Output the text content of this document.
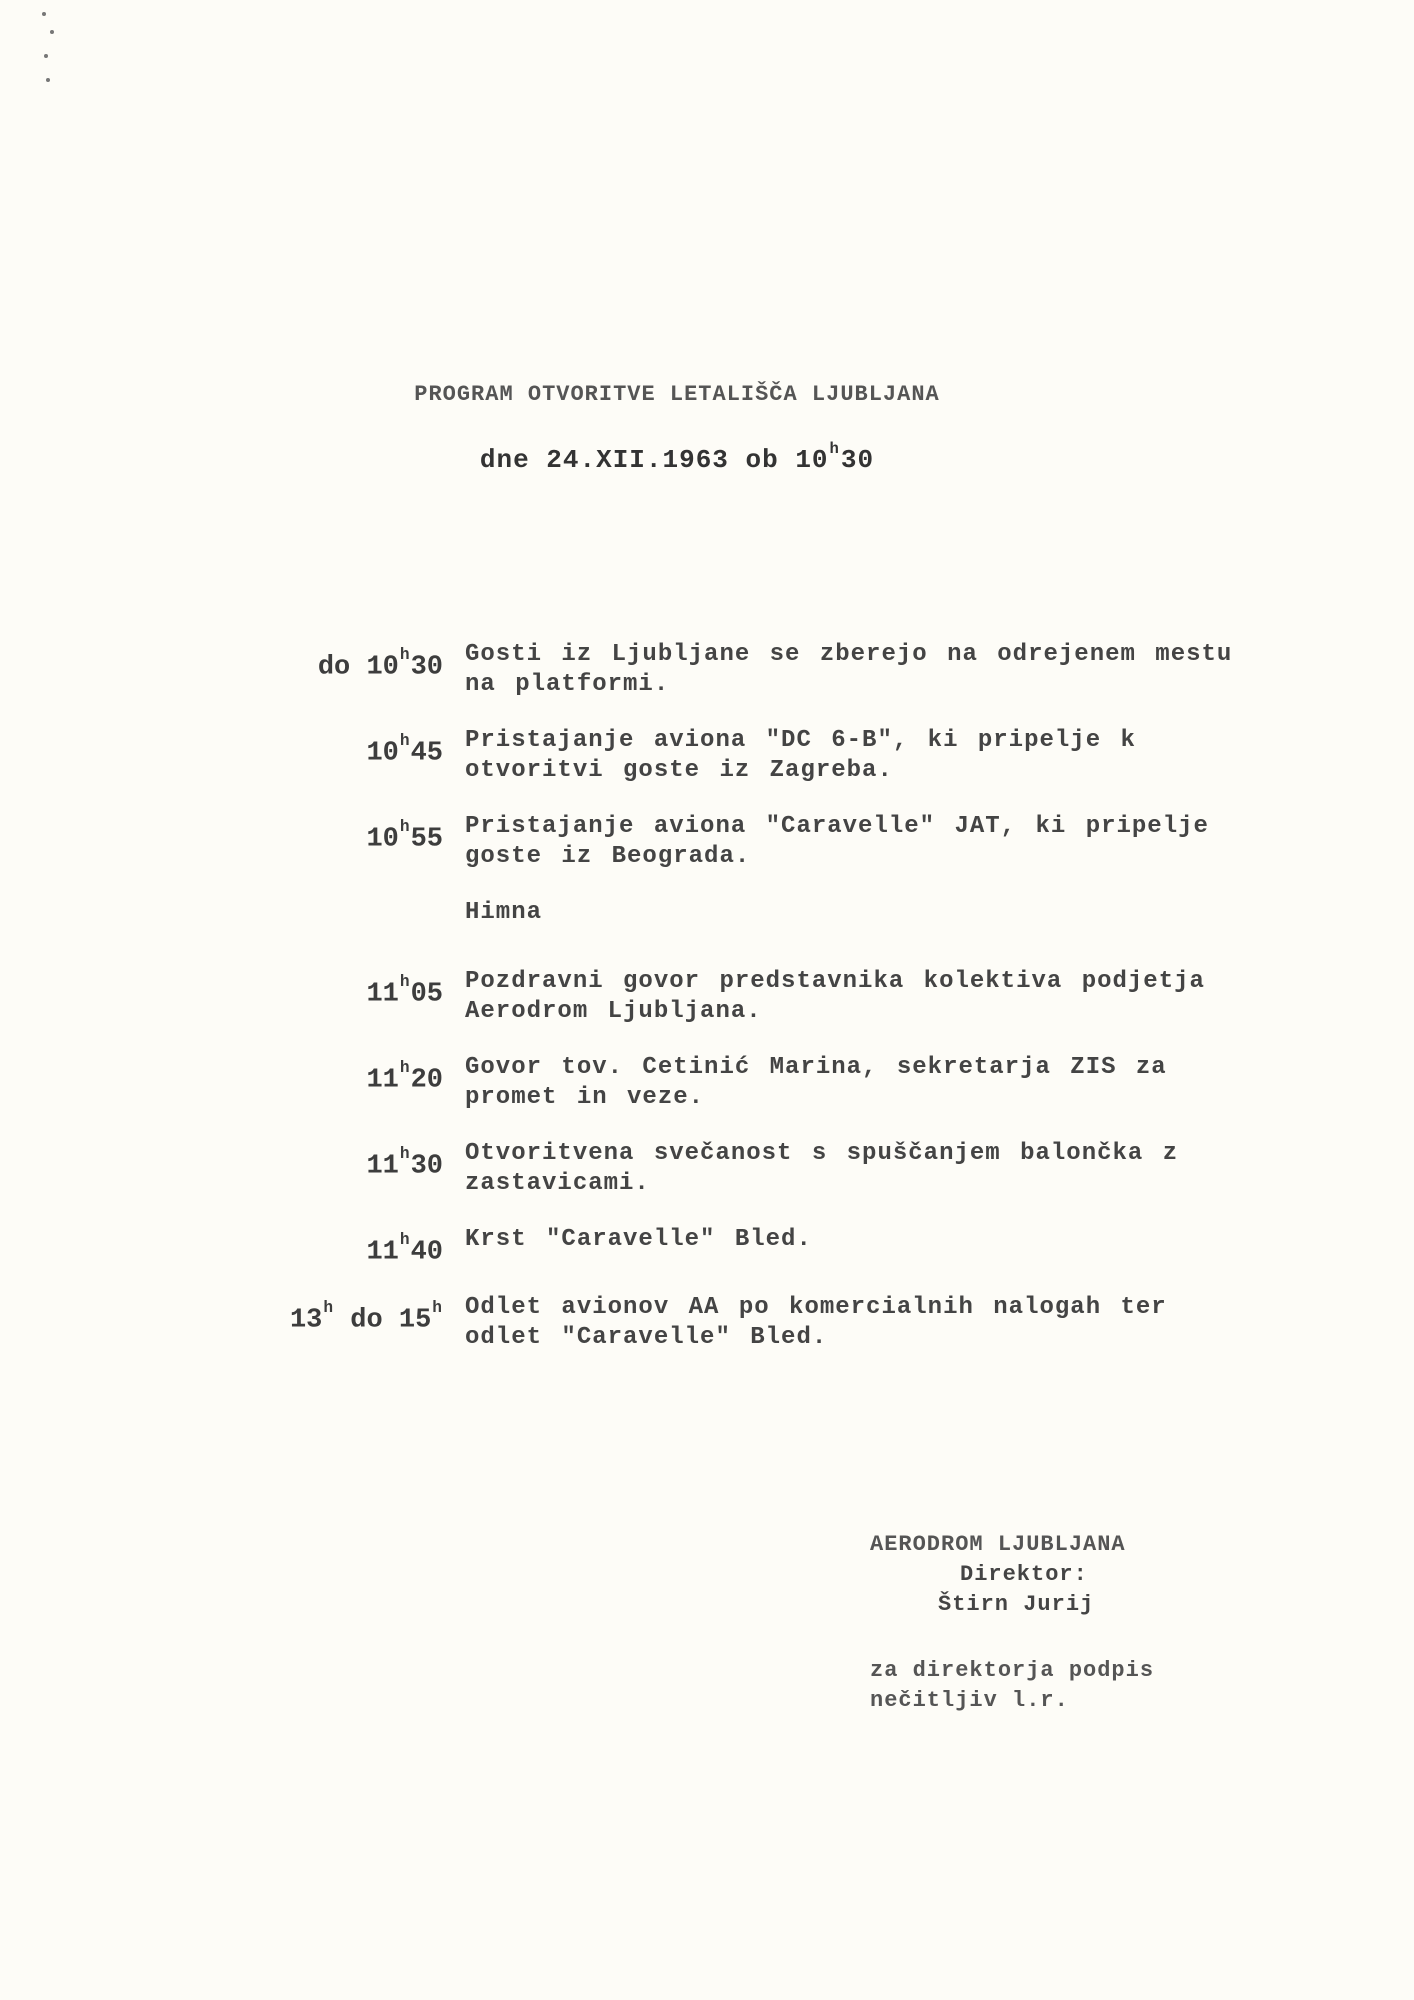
PROGRAM OTVORITVE LETALIŠČA LJUBLJANA
dne 24.XII.1963 ob 10$^h$30
do 10$^h$30 Gosti iz Ljubljane se zberejo na odrejenem mestu na platformi.
10$^h$45 Pristajanje aviona "DC 6-B", ki pripelje k otvoritvi goste iz Zagreba.
10$^h$55 Pristajanje aviona "Caravelle" JAT, ki pripelje goste iz Beograda.
Himna
11$^h$05 Pozdravni govor predstavnika kolektiva podjetja Aerodrom Ljubljana.
11$^h$20 Govor tov. Cetinić Marina, sekretarja ZIS za promet in veze.
11$^h$30 Otvoritvena svečanost s spuščanjem balončka z zastavicami.
11$^h$40 Krst "Caravelle" Bled.
13$^h$ do 15$^h$ Odlet avionov AA po komercialnih nalogah ter odlet "Caravelle" Bled.
AERODROM LJUBLJANA
Direktor:
Štirn Jurij
za direktorja podpis
nečitljiv l.r.
